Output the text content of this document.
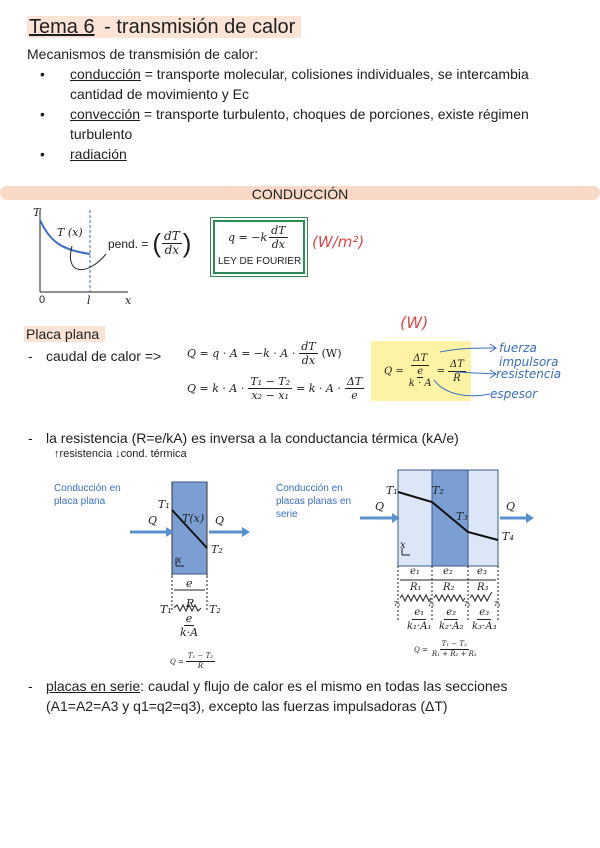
Tema 6 - transmisión de calor
Mecanismos de transmisión de calor:
• conducción = transporte molecular, colisiones individuales, se intercambia
cantidad de movimiento y Ec
• convección = transporte turbulento, choques de porciones, existe régimen
turbulento
• radiación
CONDUCCIÓN
T
T (x)
0	l	x
pend. = ( $\frac{dT}{dx}$ )	$q = -k \frac{dT}{dx}$
LEY DE FOURIER
(W/m²)
Placa plana
(W)
- caudal de calor => $Q = q \cdot A = -k \cdot A \cdot \frac{dT}{dx} (W)$
$Q = k \cdot A \cdot \frac{\text{T₁ − T₂}}{\text{x₂ − x₁}} = k \cdot A \cdot \frac{\Delta T}{e}$
Q = ΔT
e
$k \cdot A = \frac{\Delta T}{R}$
fuerza impulsora
resistencia
espesor
- la resistencia (R=e/kA) es inversa a la conductancia térmica (kA/e)
↑resistencia ↓cond. térmica
Conducción en
placa plana	T₁
T(x)
T₂
Q	Q
x
e
T₁ R T₂
$\frac{e}{k\cdot A}$
$Q = \frac{\text{T₁ − T₂}}{R}$
Conducción en
placas planas en
serie
T₁	T₂
T₃
T₄
Q	Q
x
e₁ e₂ e₃
R₁ R₂ R₃
T₁	T₂	T₃	T₄
$\frac{\text{e₁}}{\text{k₁·A₁}} \frac{\text{e₂}}{\text{k₂·A₂}} \frac{\text{e₃}}{\text{k₃·A₃}}$
$Q = \frac{\text{T₁ − T₂}}{\text{R₁ + R₂ + R₃}}$
- placas en serie: caudal y flujo de calor es el mismo en todas las secciones
(A1=A2=A3 y q1=q2=q3), excepto las fuerzas impulsadoras (ΔT)
